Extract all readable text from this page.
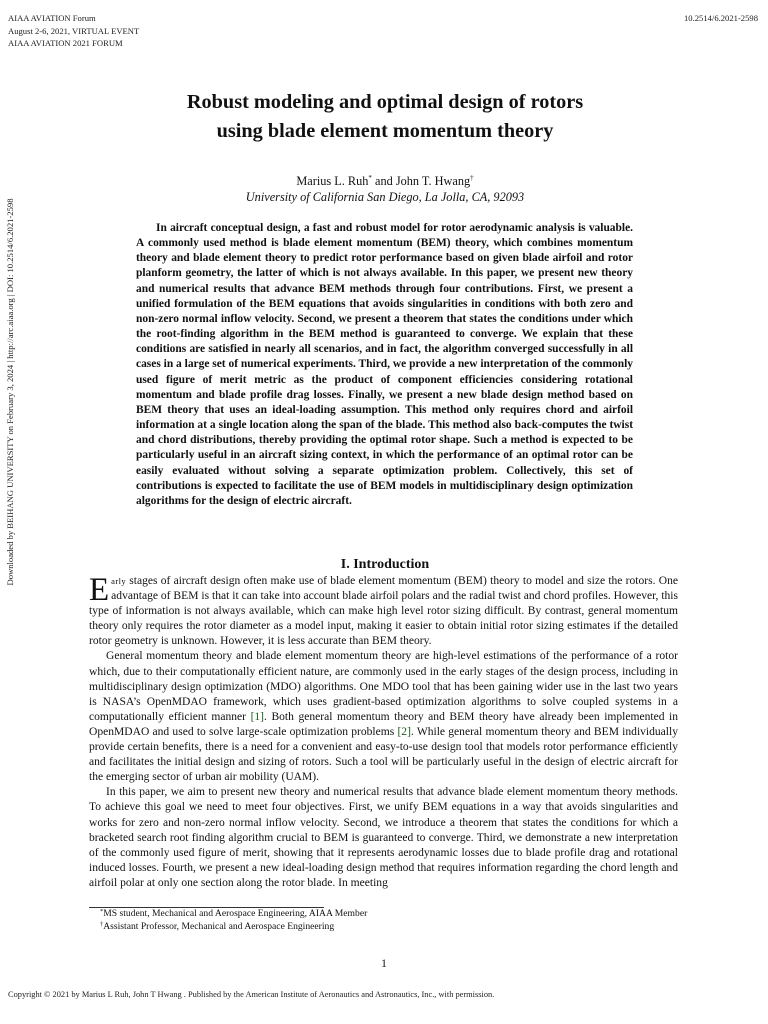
AIAA AVIATION Forum
August 2-6, 2021, VIRTUAL EVENT
AIAA AVIATION 2021 FORUM
10.2514/6.2021-2598
Downloaded by BEIHANG UNIVERSITY on February 3, 2024 | http://arc.aiaa.org | DOI: 10.2514/6.2021-2598
Robust modeling and optimal design of rotors
using blade element momentum theory
Marius L. Ruh* and John T. Hwang†
University of California San Diego, La Jolla, CA, 92093

In aircraft conceptual design, a fast and robust model for rotor aerodynamic analysis is valuable. A commonly used method is blade element momentum (BEM) theory, which combines momentum theory and blade element theory to predict rotor performance based on given blade airfoil and rotor planform geometry, the latter of which is not always available. In this paper, we present new theory and numerical results that advance BEM methods through four contributions. First, we present a unified formulation of the BEM equations that avoids singularities in conditions with both zero and non-zero normal inflow velocity. Second, we present a theorem that states the conditions under which the root-finding algorithm in the BEM method is guaranteed to converge. We explain that these conditions are satisfied in nearly all scenarios, and in fact, the algorithm converged successfully in all cases in a large set of numerical experiments. Third, we provide a new interpretation of the commonly used figure of merit metric as the product of component efficiencies considering rotational momentum and blade profile drag losses. Finally, we present a new blade design method based on BEM theory that uses an ideal-loading assumption. This method only requires chord and airfoil information at a single location along the span of the blade. This method also back-computes the twist and chord distributions, thereby providing the optimal rotor shape. Such a method is expected to be particularly useful in an aircraft sizing context, in which the performance of an optimal rotor can be easily evaluated without solving a separate optimization problem. Collectively, this set of contributions is expected to facilitate the use of BEM models in multidisciplinary design optimization algorithms for the design of electric aircraft.

I. Introduction

Early stages of aircraft design often make use of blade element momentum (BEM) theory to model and size the rotors. One advantage of BEM is that it can take into account blade airfoil polars and the radial twist and chord profiles. However, this type of information is not always available, which can make high level rotor sizing difficult. By contrast, general momentum theory only requires the rotor diameter as a model input, making it easier to obtain initial rotor sizing estimates if the detailed rotor geometry is unknown. However, it is less accurate than BEM theory.

General momentum theory and blade element momentum theory are high-level estimations of the performance of a rotor which, due to their computationally efficient nature, are commonly used in the early stages of the design process, including in multidisciplinary design optimization (MDO) algorithms. One MDO tool that has been gaining wider use in the last two years is NASA’s OpenMDAO framework, which uses gradient-based optimization algorithms to solve coupled systems in a computationally efficient manner [1]. Both general momentum theory and BEM theory have already been implemented in OpenMDAO and used to solve large-scale optimization problems [2]. While general momentum theory and BEM individually provide certain benefits, there is a need for a convenient and easy-to-use design tool that models rotor performance efficiently and facilitates the initial design and sizing of rotors. Such a tool will be particularly useful in the design of electric aircraft for the emerging sector of urban air mobility (UAM).

In this paper, we aim to present new theory and numerical results that advance blade element momentum theory methods. To achieve this goal we need to meet four objectives. First, we unify BEM equations in a way that avoids singularities and works for zero and non-zero normal inflow velocity. Second, we introduce a theorem that states the conditions for which a bracketed search root finding algorithm crucial to BEM is guaranteed to converge. Third, we demonstrate a new interpretation of the commonly used figure of merit, showing that it represents aerodynamic losses due to blade profile drag and rotational induced losses. Fourth, we present a new ideal-loading design method that requires information regarding the chord length and airfoil polar at only one section along the rotor blade. In meeting

*MS student, Mechanical and Aerospace Engineering, AIAA Member
†Assistant Professor, Mechanical and Aerospace Engineering
1
Copyright © 2021 by Marius L Ruh, John T Hwang . Published by the American Institute of Aeronautics and Astronautics, Inc., with permission.
